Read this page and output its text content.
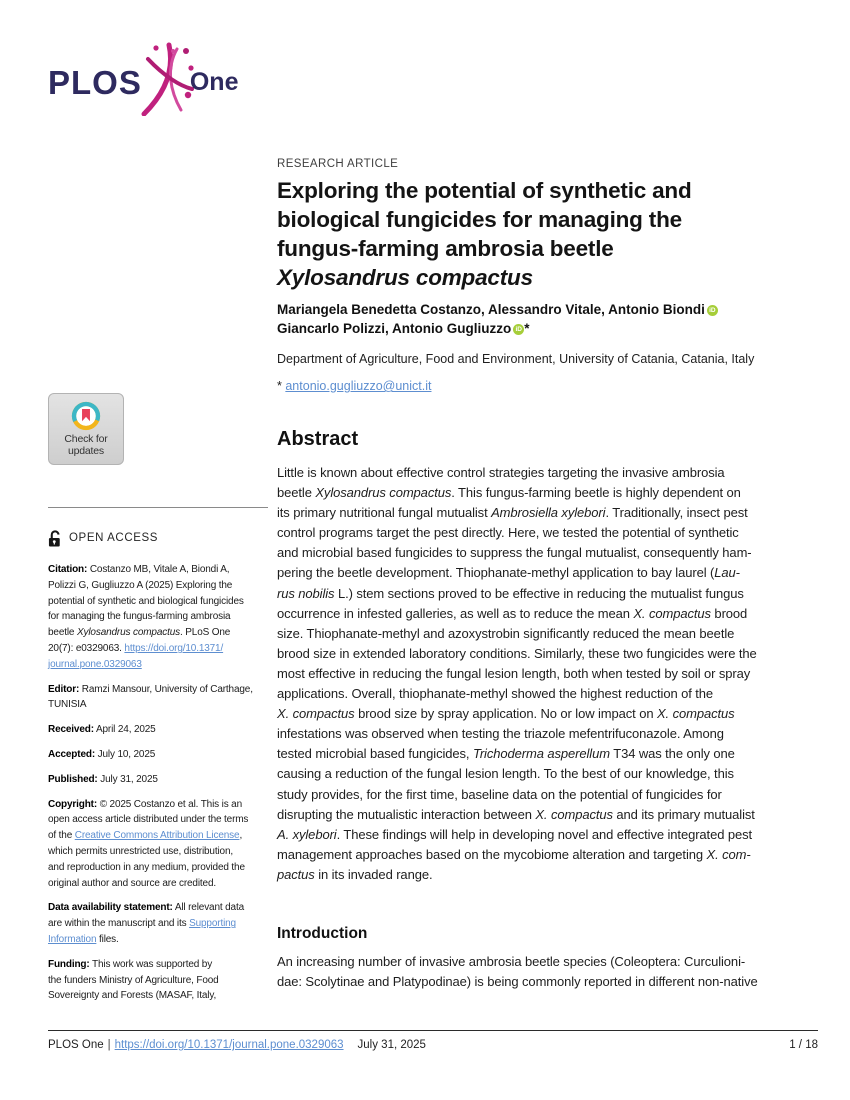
PLOS One
Check for
updates
OPEN ACCESS

Citation: Costanzo MB, Vitale A, Biondi A,
Polizzi G, Gugliuzzo A (2025) Exploring the
potential of synthetic and biological fungicides
for managing the fungus-farming ambrosia
beetle Xylosandrus compactus. PLoS One
20(7): e0329063. https://doi.org/10.1371/
journal.pone.0329063

Editor: Ramzi Mansour, University of Carthage,
TUNISIA

Received: April 24, 2025

Accepted: July 10, 2025

Published: July 31, 2025

Copyright: © 2025 Costanzo et al. This is an
open access article distributed under the terms
of the Creative Commons Attribution License,
which permits unrestricted use, distribution,
and reproduction in any medium, provided the
original author and source are credited.

Data availability statement: All relevant data
are within the manuscript and its Supporting
Information files.

Funding: This work was supported by
the funders Ministry of Agriculture, Food
Sovereignty and Forests (MASAF, Italy,

RESEARCH ARTICLE
Exploring the potential of synthetic and
biological fungicides for managing the
fungus-farming ambrosia beetle
Xylosandrus compactus
Mariangela Benedetta Costanzo, Alessandro Vitale, Antonio Biondi iD
Giancarlo Polizzi, Antonio Gugliuzzo iD *

Department of Agriculture, Food and Environment, University of Catania, Catania, Italy

* antonio.gugliuzzo@unict.it

Abstract

Little is known about effective control strategies targeting the invasive ambrosia
beetle Xylosandrus compactus. This fungus-farming beetle is highly dependent on
its primary nutritional fungal mutualist Ambrosiella xylebori. Traditionally, insect pest
control programs target the pest directly. Here, we tested the potential of synthetic
and microbial based fungicides to suppress the fungal mutualist, consequently ham-
pering the beetle development. Thiophanate-methyl application to bay laurel (Lau-
rus nobilis L.) stem sections proved to be effective in reducing the mutualist fungus
occurrence in infested galleries, as well as to reduce the mean X. compactus brood
size. Thiophanate-methyl and azoxystrobin significantly reduced the mean beetle
brood size in extended laboratory conditions. Similarly, these two fungicides were the
most effective in reducing the fungal lesion length, both when tested by soil or spray
applications. Overall, thiophanate-methyl showed the highest reduction of the
X. compactus brood size by spray application. No or low impact on X. compactus
infestations was observed when testing the triazole mefentrifuconazole. Among
tested microbial based fungicides, Trichoderma asperellum T34 was the only one
causing a reduction of the fungal lesion length. To the best of our knowledge, this
study provides, for the first time, baseline data on the potential of fungicides for
disrupting the mutualistic interaction between X. compactus and its primary mutualist
A. xylebori. These findings will help in developing novel and effective integrated pest
management approaches based on the mycobiome alteration and targeting X. com-
pactus in its invaded range.

Introduction

An increasing number of invasive ambrosia beetle species (Coleoptera: Curculioni-
dae: Scolytinae and Platypodinae) is being commonly reported in different non-native

PLOS One | https://doi.org/10.1371/journal.pone.0329063 July 31, 2025	1 / 18
